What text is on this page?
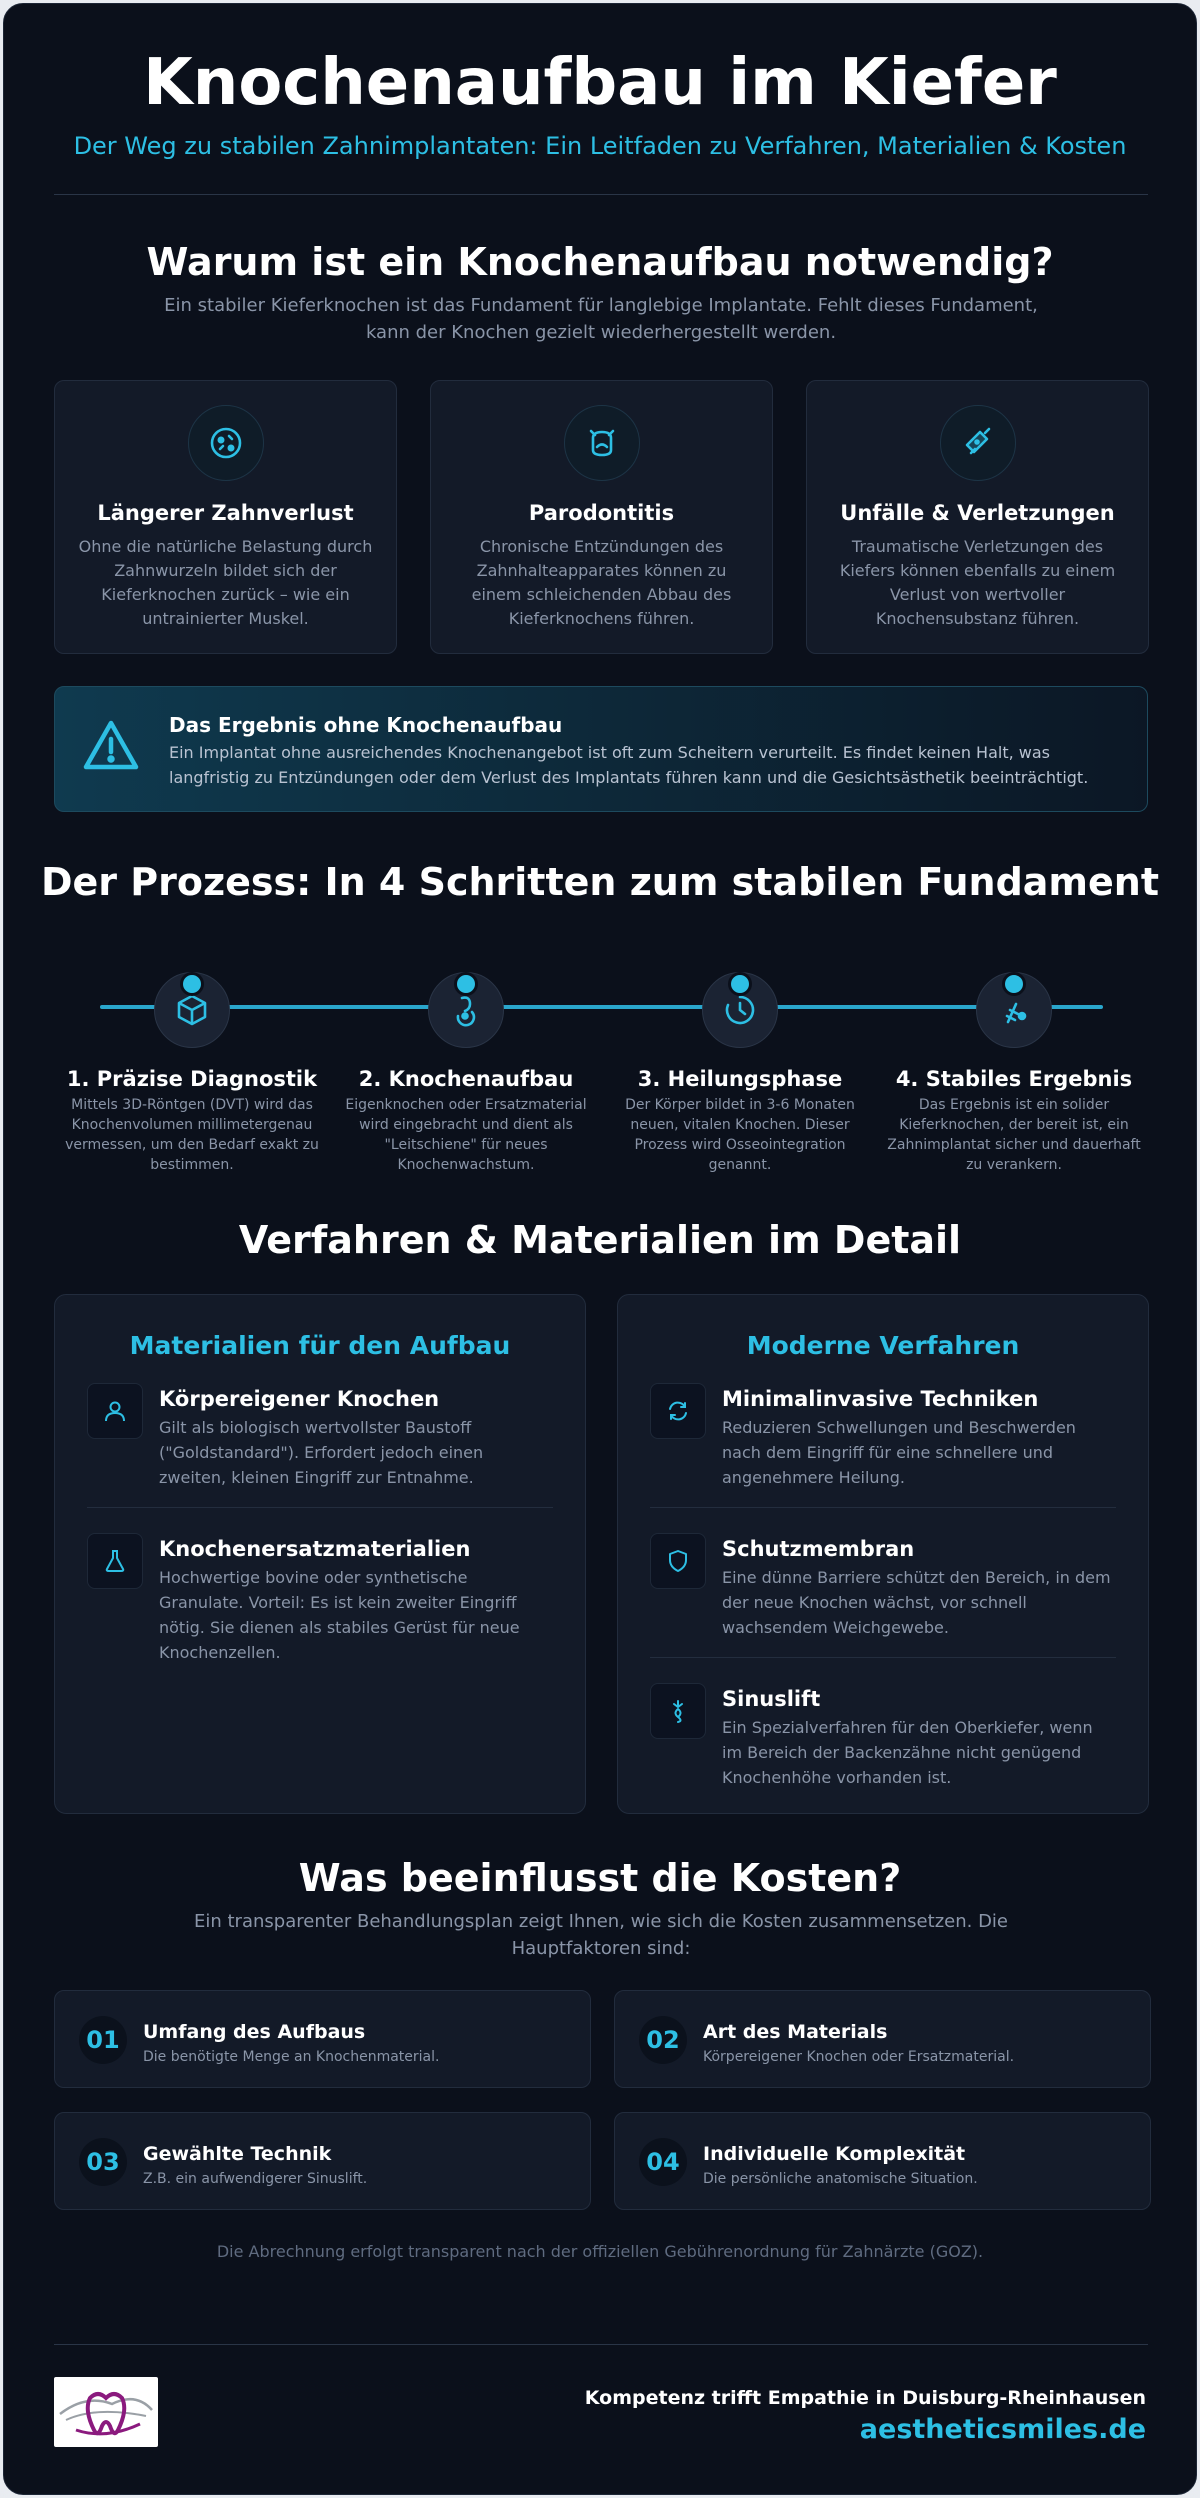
Knochenaufbau im Kiefer
Der Weg zu stabilen Zahnimplantaten: Ein Leitfaden zu Verfahren, Materialien & Kosten
Warum ist ein Knochenaufbau notwendig?

Ein stabiler Kieferknochen ist das Fundament für langlebige Implantate. Fehlt dieses Fundament, kann der Knochen gezielt wiederhergestellt werden.

Längerer Zahnverlust

Ohne die natürliche Belastung durch Zahnwurzeln bildet sich der Kieferknochen zurück – wie ein untrainierter Muskel.

Parodontitis

Chronische Entzündungen des Zahnhalteapparates können zu einem schleichenden Abbau des Kieferknochens führen.

Unfälle & Verletzungen

Traumatische Verletzungen des Kiefers können ebenfalls zu einem Verlust von wertvoller Knochensubstanz führen.

Das Ergebnis ohne Knochenaufbau

Ein Implantat ohne ausreichendes Knochenangebot ist oft zum Scheitern verurteilt. Es findet keinen Halt, was langfristig zu Entzündungen oder dem Verlust des Implantats führen kann und die Gesichtsästhetik beeinträchtigt.

Der Prozess: In 4 Schritten zum stabilen Fundament
1. Präzise Diagnostik
Mittels 3D-Röntgen (DVT) wird das Knochenvolumen millimetergenau vermessen, um den Bedarf exakt zu bestimmen.
2. Knochenaufbau
Eigenknochen oder Ersatzmaterial wird eingebracht und dient als "Leitschiene" für neues Knochenwachstum.
3. Heilungsphase
Der Körper bildet in 3-6 Monaten neuen, vitalen Knochen. Dieser Prozess wird Osseointegration genannt.
4. Stabiles Ergebnis
Das Ergebnis ist ein solider Kieferknochen, der bereit ist, ein Zahnimplantat sicher und dauerhaft zu verankern.
Verfahren & Materialien im Detail
Materialien für den Aufbau
Körpereigener Knochen

Gilt als biologisch wertvollster Baustoff ("Goldstandard"). Erfordert jedoch einen zweiten, kleinen Eingriff zur Entnahme.

Knochenersatzmaterialien

Hochwertige bovine oder synthetische Granulate. Vorteil: Es ist kein zweiter Eingriff nötig. Sie dienen als stabiles Gerüst für neue Knochenzellen.

Moderne Verfahren
Minimalinvasive Techniken

Reduzieren Schwellungen und Beschwerden nach dem Eingriff für eine schnellere und angenehmere Heilung.

Schutzmembran

Eine dünne Barriere schützt den Bereich, in dem der neue Knochen wächst, vor schnell wachsendem Weichgewebe.

Sinuslift

Ein Spezialverfahren für den Oberkiefer, wenn im Bereich der Backenzähne nicht genügend Knochenhöhe vorhanden ist.

Was beeinflusst die Kosten?

Ein transparenter Behandlungsplan zeigt Ihnen, wie sich die Kosten zusammensetzen. Die Hauptfaktoren sind:

01	Umfang des Aufbaus

Die benötigte Menge an Knochenmaterial.

02	Art des Materials

Körpereigener Knochen oder Ersatzmaterial.

03	Gewählte Technik

Z.B. ein aufwendigerer Sinuslift.

04	Individuelle Komplexität

Die persönliche anatomische Situation.

Die Abrechnung erfolgt transparent nach der offiziellen Gebührenordnung für Zahnärzte (GOZ).

Kompetenz trifft Empathie in Duisburg-Rheinhausen
aestheticsmiles.de
